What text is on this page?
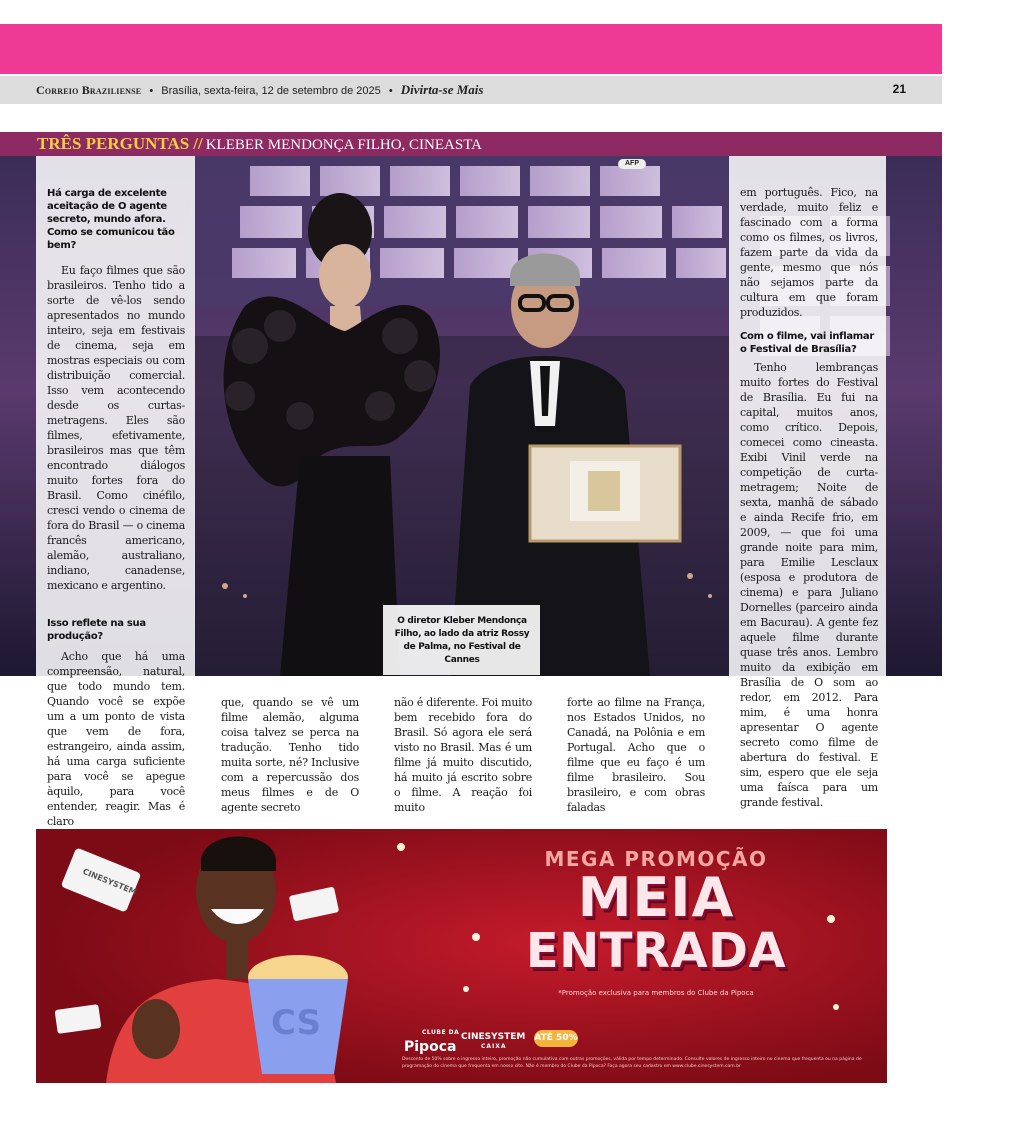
Correio Braziliense • Brasília, sexta-feira, 12 de setembro de 2025 • Divirta-se Mais	21
TRÊS PERGUNTAS // KLEBER MENDONÇA FILHO, CINEASTA
AFP
Há carga de excelente aceitação de O agente secreto, mundo afora. Como se comunicou tão bem?
Eu faço filmes que são brasileiros. Tenho tido a sorte de vê-los sendo apresentados no mundo inteiro, seja em festivais de cinema, seja em mostras especiais ou com distribuição comercial. Isso vem acontecendo desde os curtas-metragens. Eles são filmes, efetivamente, brasileiros mas que têm encontrado diálogos muito fortes fora do Brasil. Como cinéfilo, cresci vendo o cinema de fora do Brasil — o cinema francês americano, alemão, australiano, indiano, canadense, mexicano e argentino.
Isso reflete na sua produção?
Acho que há uma compreensão, natural, que todo mundo tem. Quando você se expõe um a um ponto de vista que vem de fora, estrangeiro, ainda assim, há uma carga suficiente para você se apegue àquilo, para você entender, reagir. Mas é claro
que, quando se vê um filme alemão, alguma coisa talvez se perca na tradução. Tenho tido muita sorte, né? Inclusive com a repercussão dos meus filmes e de O agente secreto
não é diferente. Foi muito bem recebido fora do Brasil. Só agora ele será visto no Brasil. Mas é um filme já muito discutido, há muito já escrito sobre o filme. A reação foi muito
forte ao filme na França, nos Estados Unidos, no Canadá, na Polônia e em Portugal. Acho que o filme que eu faço é um filme brasileiro. Sou brasileiro, e com obras faladas
em português. Fico, na verdade, muito feliz e fascinado com a forma como os filmes, os livros, fazem parte da vida da gente, mesmo que nós não sejamos parte da cultura em que foram produzidos.
Com o filme, vai inflamar o Festival de Brasília?
Tenho lembranças muito fortes do Festival de Brasília. Eu fui na capital, muitos anos, como crítico. Depois, comecei como cineasta. Exibi Vinil verde na competição de curta-metragem; Noite de sexta, manhã de sábado e ainda Recife frio, em 2009, — que foi uma grande noite para mim, para Emilie Lesclaux (esposa e produtora de cinema) e para Juliano Dornelles (parceiro ainda em Bacurau). A gente fez aquele filme durante quase três anos. Lembro muito da exibição em Brasília de O som ao redor, em 2012. Para mim, é uma honra apresentar O agente secreto como filme de abertura do festival. E sim, espero que ele seja uma faísca para um grande festival.
O diretor Kleber Mendonça Filho, ao lado da atriz Rossy de Palma, no Festival de Cannes
CINESYSTEM
CS
MEGA PROMOÇÃO
MEIA
ENTRADA
*Promoção exclusiva para membros do Clube da Pipoca
CLUBE DA
Pipoca
CINESYSTEM
CAIXA
ATÉ 50%
Desconto de 50% sobre o ingresso inteiro, promoção não cumulativa com outras promoções, válida por tempo determinado. Consulte valores de ingresso inteiro no cinema que frequenta ou na página de programação do cinema que frequenta em nosso site. Não é membro do Clube da Pipoca? Faça agora seu cadastro em www.clube.cinesystem.com.br
